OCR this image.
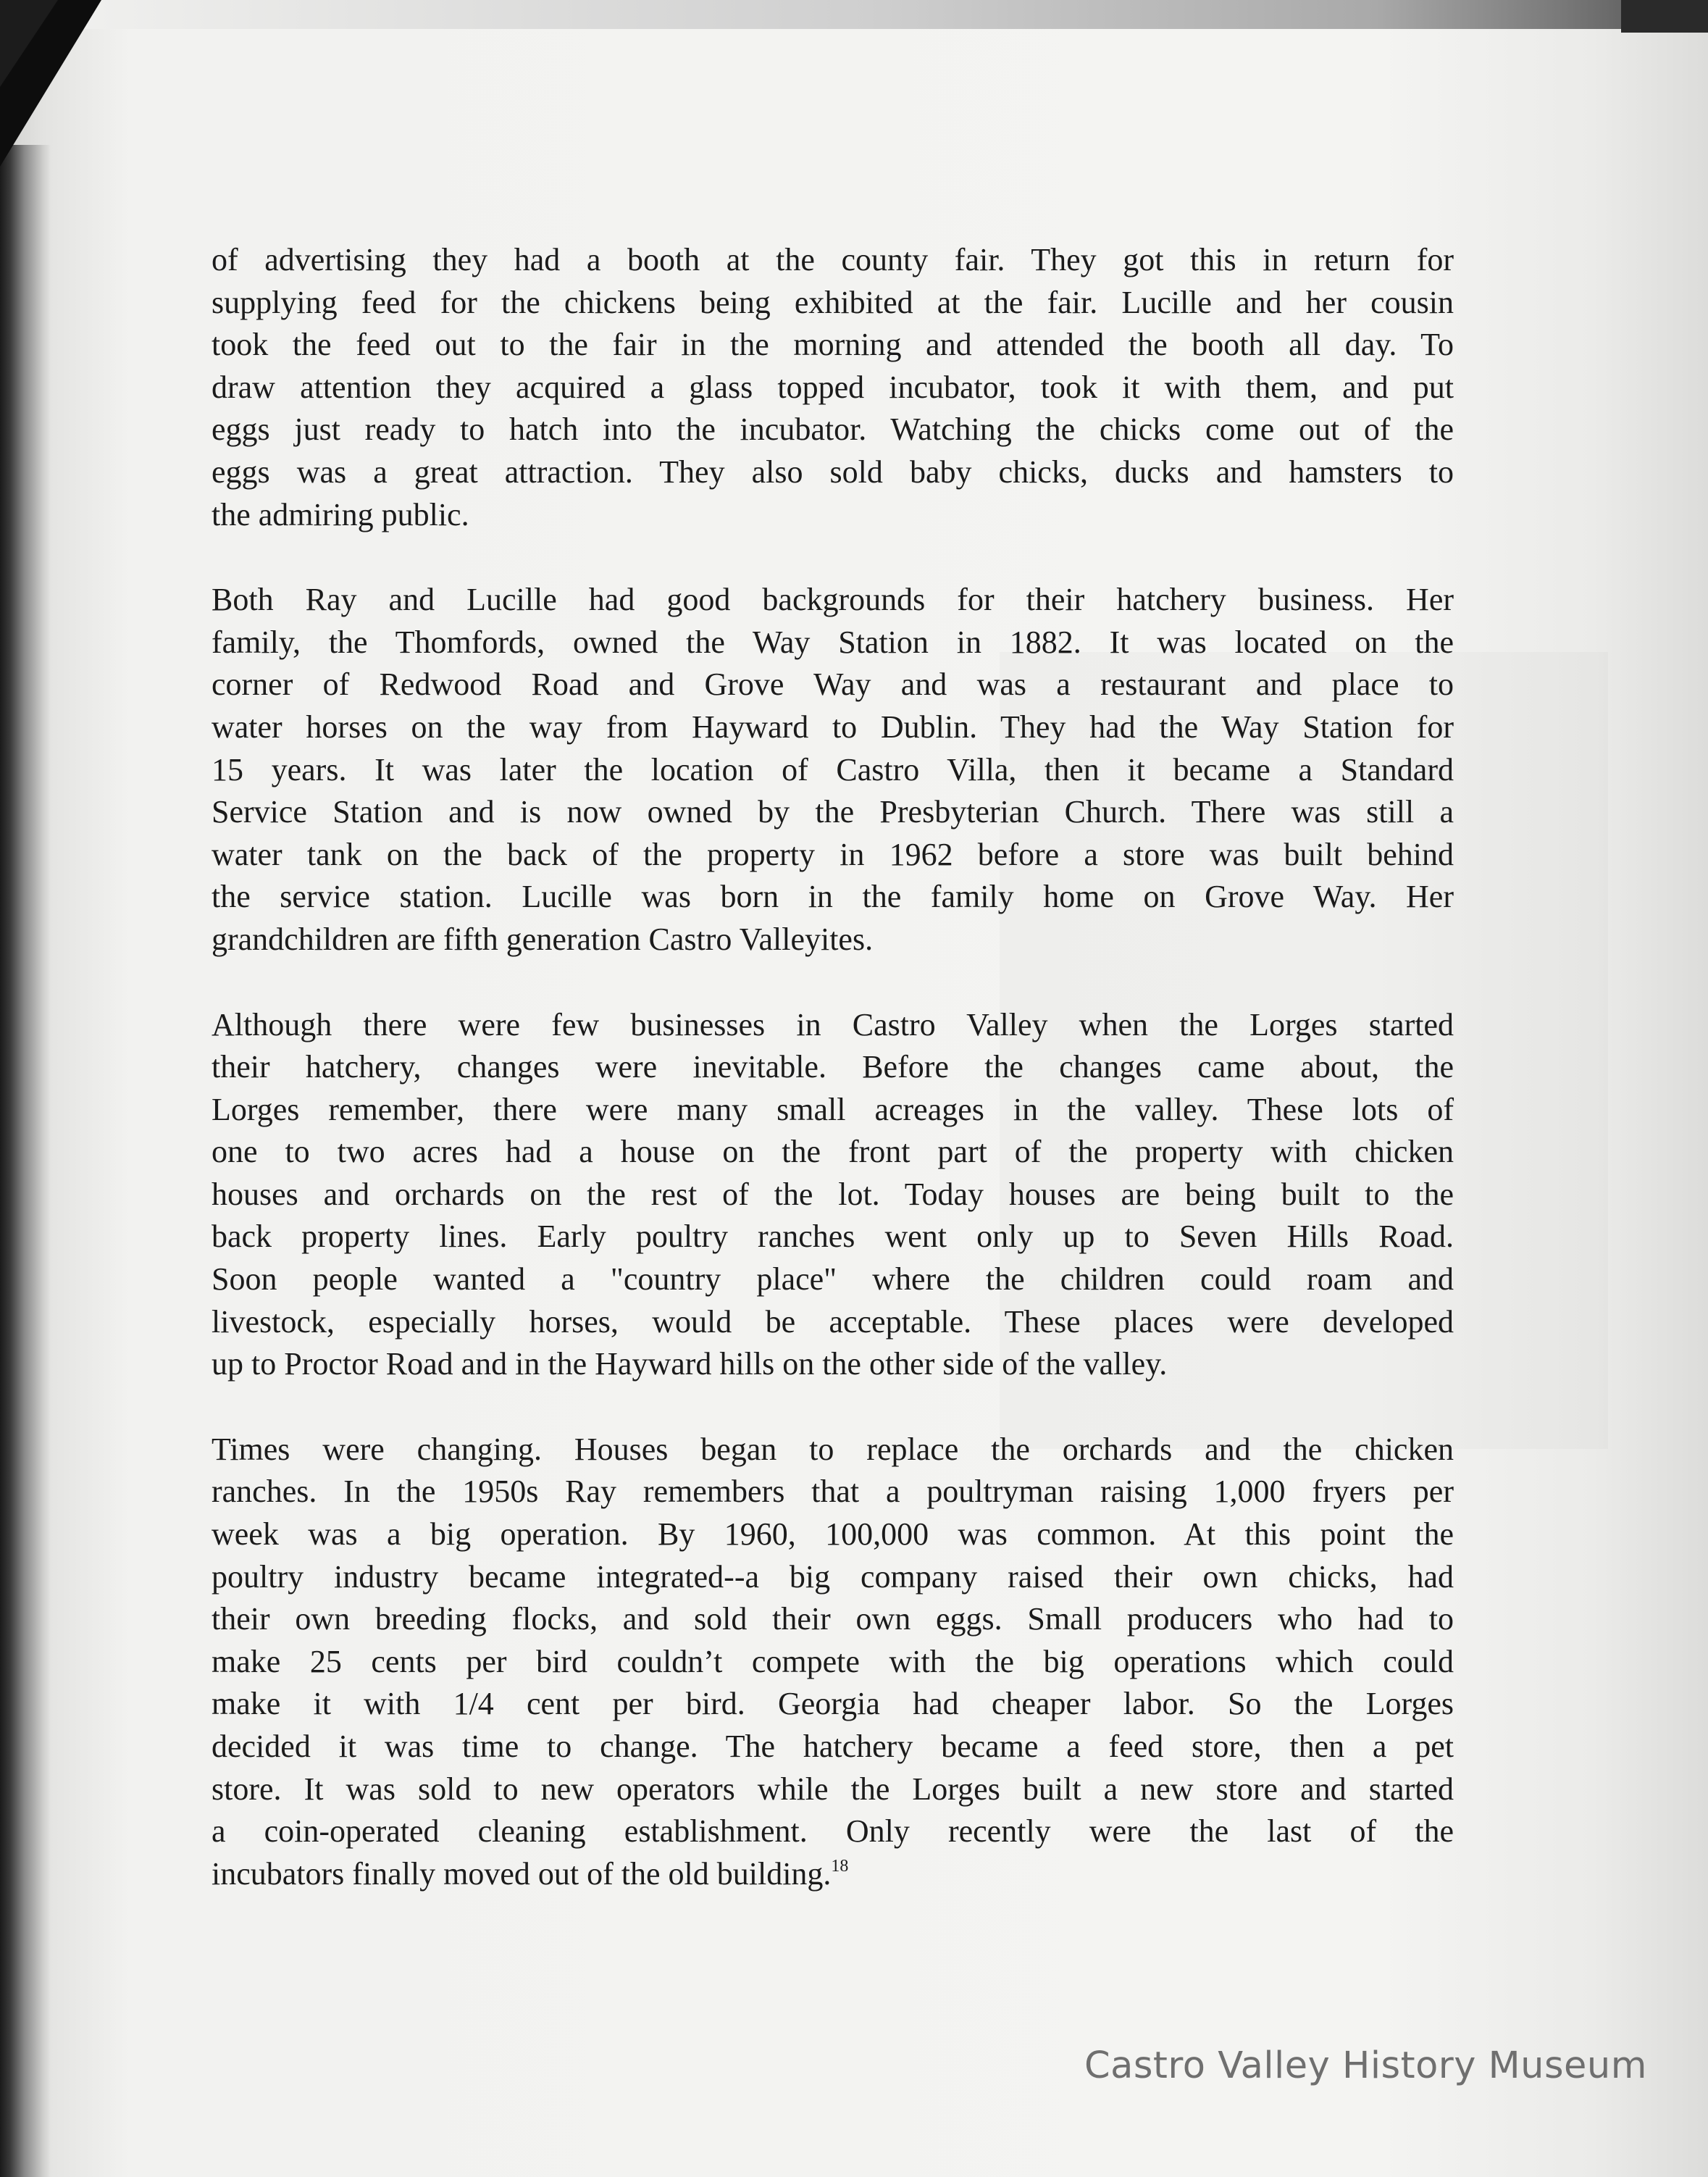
of advertising they had a booth at the county fair. They got this in return for
supplying feed for the chickens being exhibited at the fair. Lucille and her cousin
took the feed out to the fair in the morning and attended the booth all day. To
draw attention they acquired a glass topped incubator, took it with them, and put
eggs just ready to hatch into the incubator. Watching the chicks come out of the
eggs was a great attraction. They also sold baby chicks, ducks and hamsters to
the admiring public.

Both Ray and Lucille had good backgrounds for their hatchery business. Her
family, the Thomfords, owned the Way Station in 1882. It was located on the
corner of Redwood Road and Grove Way and was a restaurant and place to
water horses on the way from Hayward to Dublin. They had the Way Station for
15 years. It was later the location of Castro Villa, then it became a Standard
Service Station and is now owned by the Presbyterian Church. There was still a
water tank on the back of the property in 1962 before a store was built behind
the service station. Lucille was born in the family home on Grove Way. Her
grandchildren are fifth generation Castro Valleyites.

Although there were few businesses in Castro Valley when the Lorges started
their hatchery, changes were inevitable. Before the changes came about, the
Lorges remember, there were many small acreages in the valley. These lots of
one to two acres had a house on the front part of the property with chicken
houses and orchards on the rest of the lot. Today houses are being built to the
back property lines. Early poultry ranches went only up to Seven Hills Road.
Soon people wanted a "country place" where the children could roam and
livestock, especially horses, would be acceptable. These places were developed
up to Proctor Road and in the Hayward hills on the other side of the valley.

Times were changing. Houses began to replace the orchards and the chicken
ranches. In the 1950s Ray remembers that a poultryman raising 1,000 fryers per
week was a big operation. By 1960, 100,000 was common. At this point the
poultry industry became integrated--a big company raised their own chicks, had
their own breeding flocks, and sold their own eggs. Small producers who had to
make 25 cents per bird couldn’t compete with the big operations which could
make it with 1/4 cent per bird. Georgia had cheaper labor. So the Lorges
decided it was time to change. The hatchery became a feed store, then a pet
store. It was sold to new operators while the Lorges built a new store and started
a coin-operated cleaning establishment. Only recently were the last of the
incubators finally moved out of the old building.$^{18}$

Castro Valley History Museum
